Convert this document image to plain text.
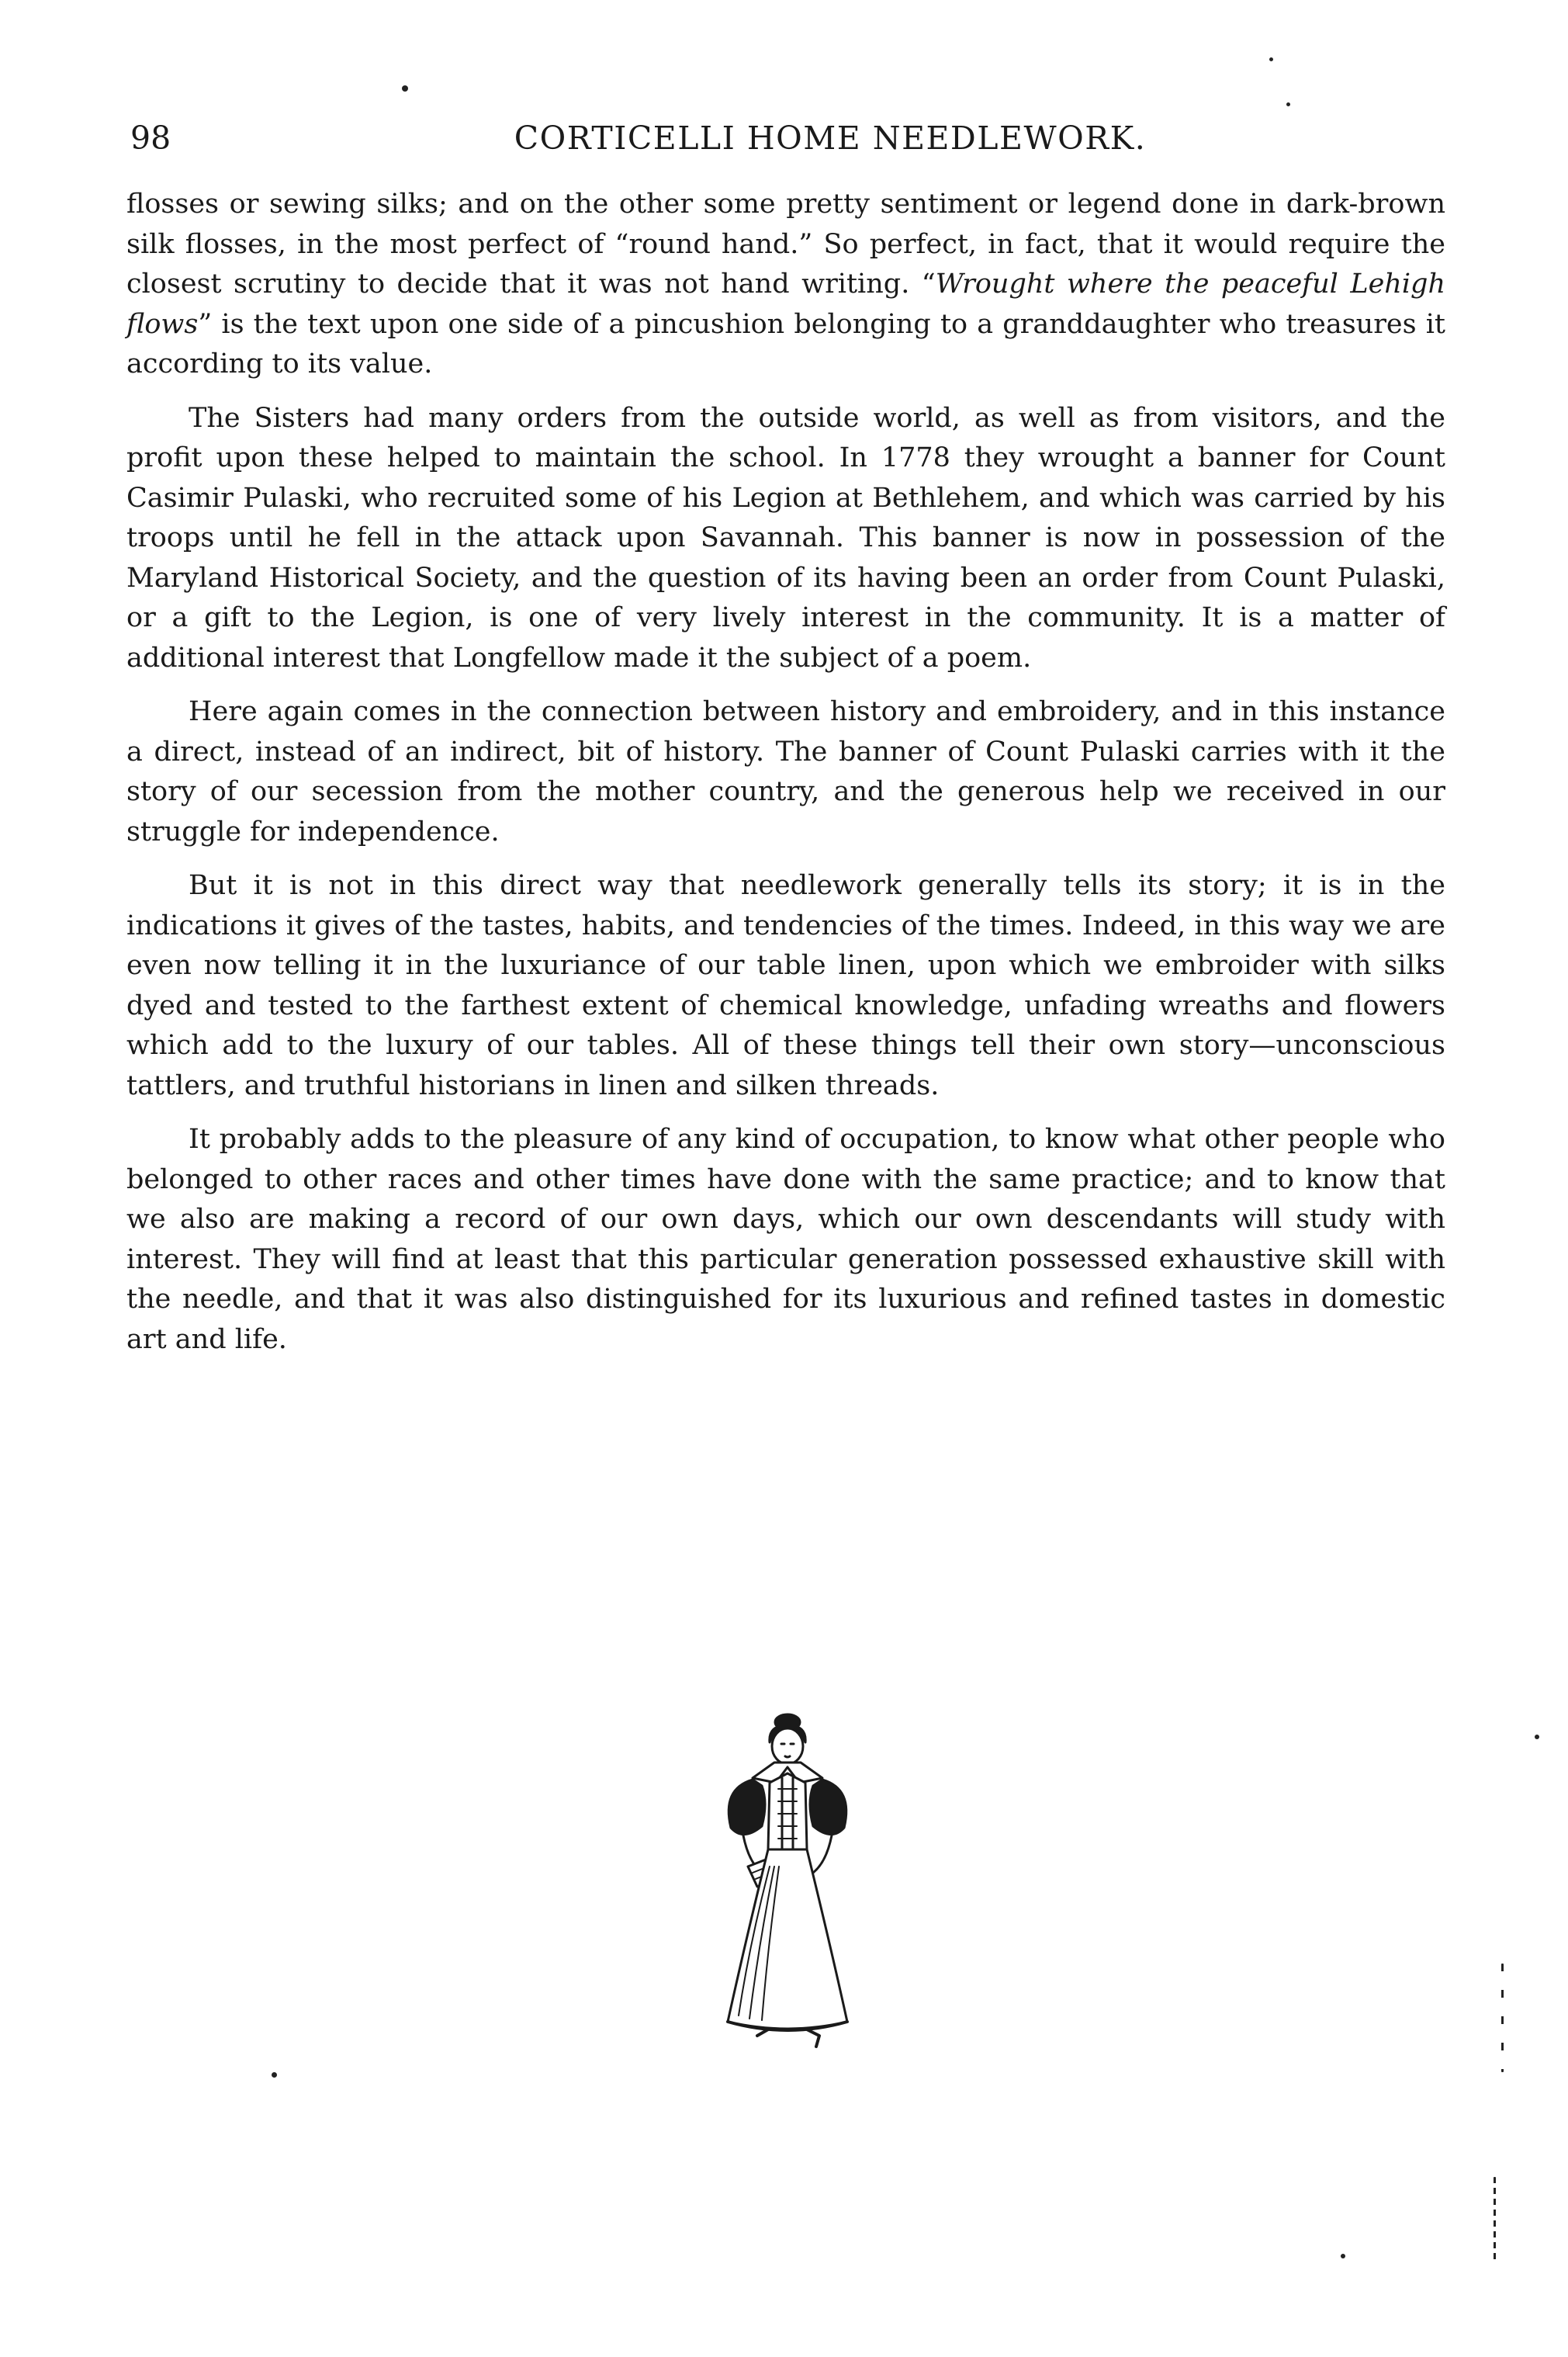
98	CORTICELLI HOME NEEDLEWORK.

flosses or sewing silks; and on the other some pretty sentiment or legend done in dark-brown silk flosses, in the most perfect of “round hand.” So perfect, in fact, that it would require the closest scrutiny to decide that it was not hand writing. “Wrought where the peaceful Lehigh flows” is the text upon one side of a pincushion belonging to a granddaughter who treasures it according to its value.

The Sisters had many orders from the outside world, as well as from visitors, and the profit upon these helped to maintain the school. In 1778 they wrought a banner for Count Casimir Pulaski, who recruited some of his Legion at Bethlehem, and which was carried by his troops until he fell in the attack upon Savannah. This banner is now in possession of the Maryland Historical Society, and the question of its having been an order from Count Pulaski, or a gift to the Legion, is one of very lively interest in the community. It is a matter of additional interest that Longfellow made it the subject of a poem.

Here again comes in the connection between history and embroidery, and in this instance a direct, instead of an indirect, bit of history. The banner of Count Pulaski carries with it the story of our secession from the mother country, and the generous help we received in our struggle for independence.

But it is not in this direct way that needlework generally tells its story; it is in the indications it gives of the tastes, habits, and tendencies of the times. Indeed, in this way we are even now telling it in the luxuriance of our table linen, upon which we embroider with silks dyed and tested to the farthest extent of chemical knowledge, unfading wreaths and flowers which add to the luxury of our tables. All of these things tell their own story—unconscious tattlers, and truthful historians in linen and silken threads.

It probably adds to the pleasure of any kind of occupation, to know what other people who belonged to other races and other times have done with the same practice; and to know that we also are making a record of our own days, which our own descendants will study with interest. They will find at least that this particular generation possessed exhaustive skill with the needle, and that it was also distinguished for its luxurious and refined tastes in domestic art and life.
